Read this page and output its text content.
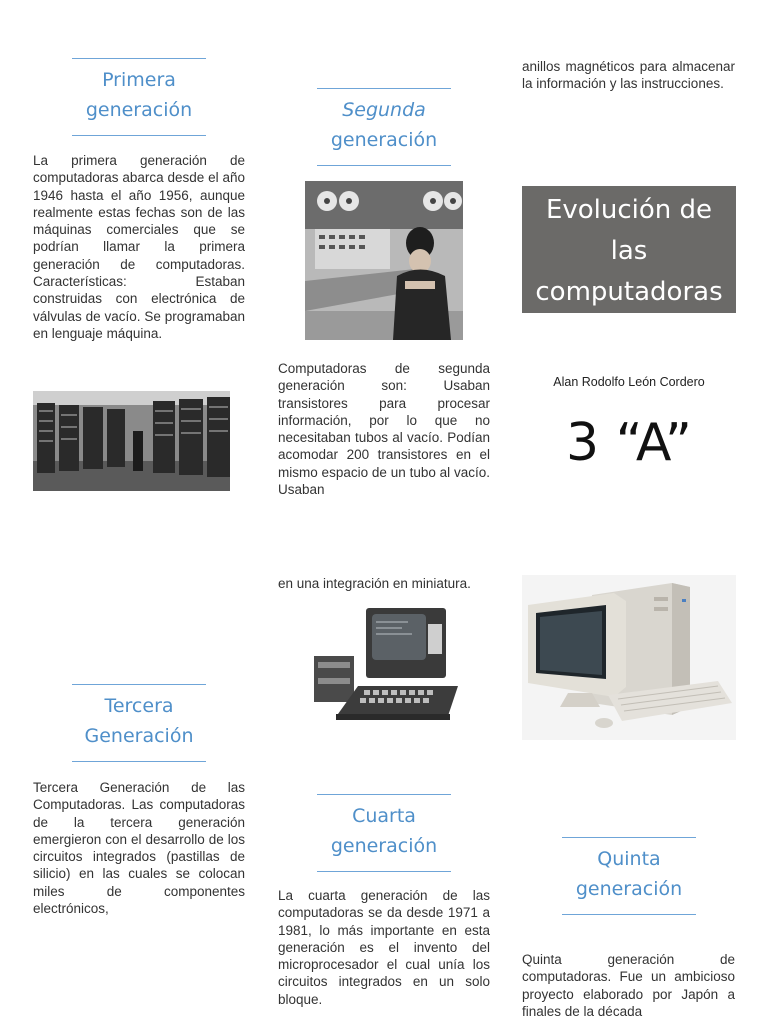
Primera
generación

La primera generación de computadoras abarca desde el año 1946 hasta el año 1956, aunque realmente estas fechas son de las máquinas comerciales que se podrían llamar la primera generación de computadoras. Características: Estaban construidas con electrónica de válvulas de vacío. Se programaban en lenguaje máquina.

Tercera
Generación

Tercera Generación de las Computadoras. Las computadoras de la tercera generación emergieron con el desarrollo de los circuitos integrados (pastillas de silicio) en las cuales se colocan miles de componentes electrónicos,

Segunda
generación

Computadoras de segunda generación son: Usaban transistores para procesar información, por lo que no necesitaban tubos al vacío. Podían acomodar 200 transistores en el mismo espacio de un tubo al vacío. Usaban

en una integración en miniatura.

Cuarta
generación

La cuarta generación de las computadoras se da desde 1971 a 1981, lo más importante en esta generación es el invento del microprocesador el cual unía los circuitos integrados en un solo bloque.

anillos magnéticos para almacenar la información y las instrucciones.

Evolución de
las
computadoras
Alan Rodolfo León Cordero
3 “A”
Quinta
generación

Quinta generación de computadoras. Fue un ambicioso proyecto elaborado por Japón a finales de la década
